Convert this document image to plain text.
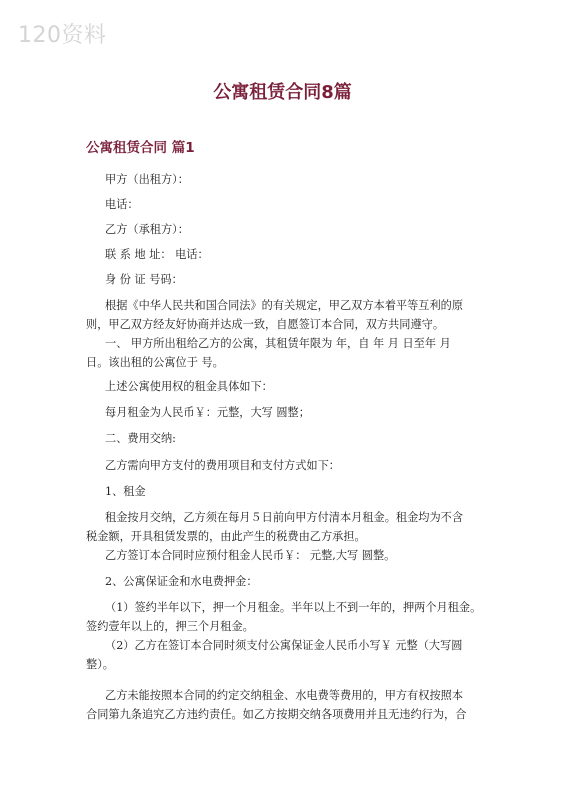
120资料
公寓租赁合同8篇
公寓租赁合同 篇1
甲方（出租方）：
电话：
乙方（承租方）：
联 系 地 址： 电话：
身 份 证 号码：
根据《中华人民共和国合同法》的有关规定，甲乙双方本着平等互利的原
则，甲乙双方经友好协商并达成一致，自愿签订本合同，双方共同遵守。
一、 甲方所出租给乙方的公寓，其租赁年限为 年，自 年 月 日至年 月
日。该出租的公寓位于 号。
上述公寓使用权的租金具体如下：
每月租金为人民币￥：元整，大写 圆整；
二、费用交纳:
乙方需向甲方支付的费用项目和支付方式如下：
1、租金
租金按月交纳，乙方须在每月５日前向甲方付清本月租金。租金均为不含
税金额，开具租赁发票的，由此产生的税费由乙方承担。
乙方签订本合同时应预付租金人民币￥： 元整,大写 圆整。
2、公寓保证金和水电费押金：
（1）签约半年以下，押一个月租金。半年以上不到一年的，押两个月租金。
签约壹年以上的，押三个月租金。
（2）乙方在签订本合同时须支付公寓保证金人民币小写￥ 元整（大写圆
整）。
乙方未能按照本合同的约定交纳租金、水电费等费用的，甲方有权按照本
合同第九条追究乙方违约责任。如乙方按期交纳各项费用并且无违约行为，合
